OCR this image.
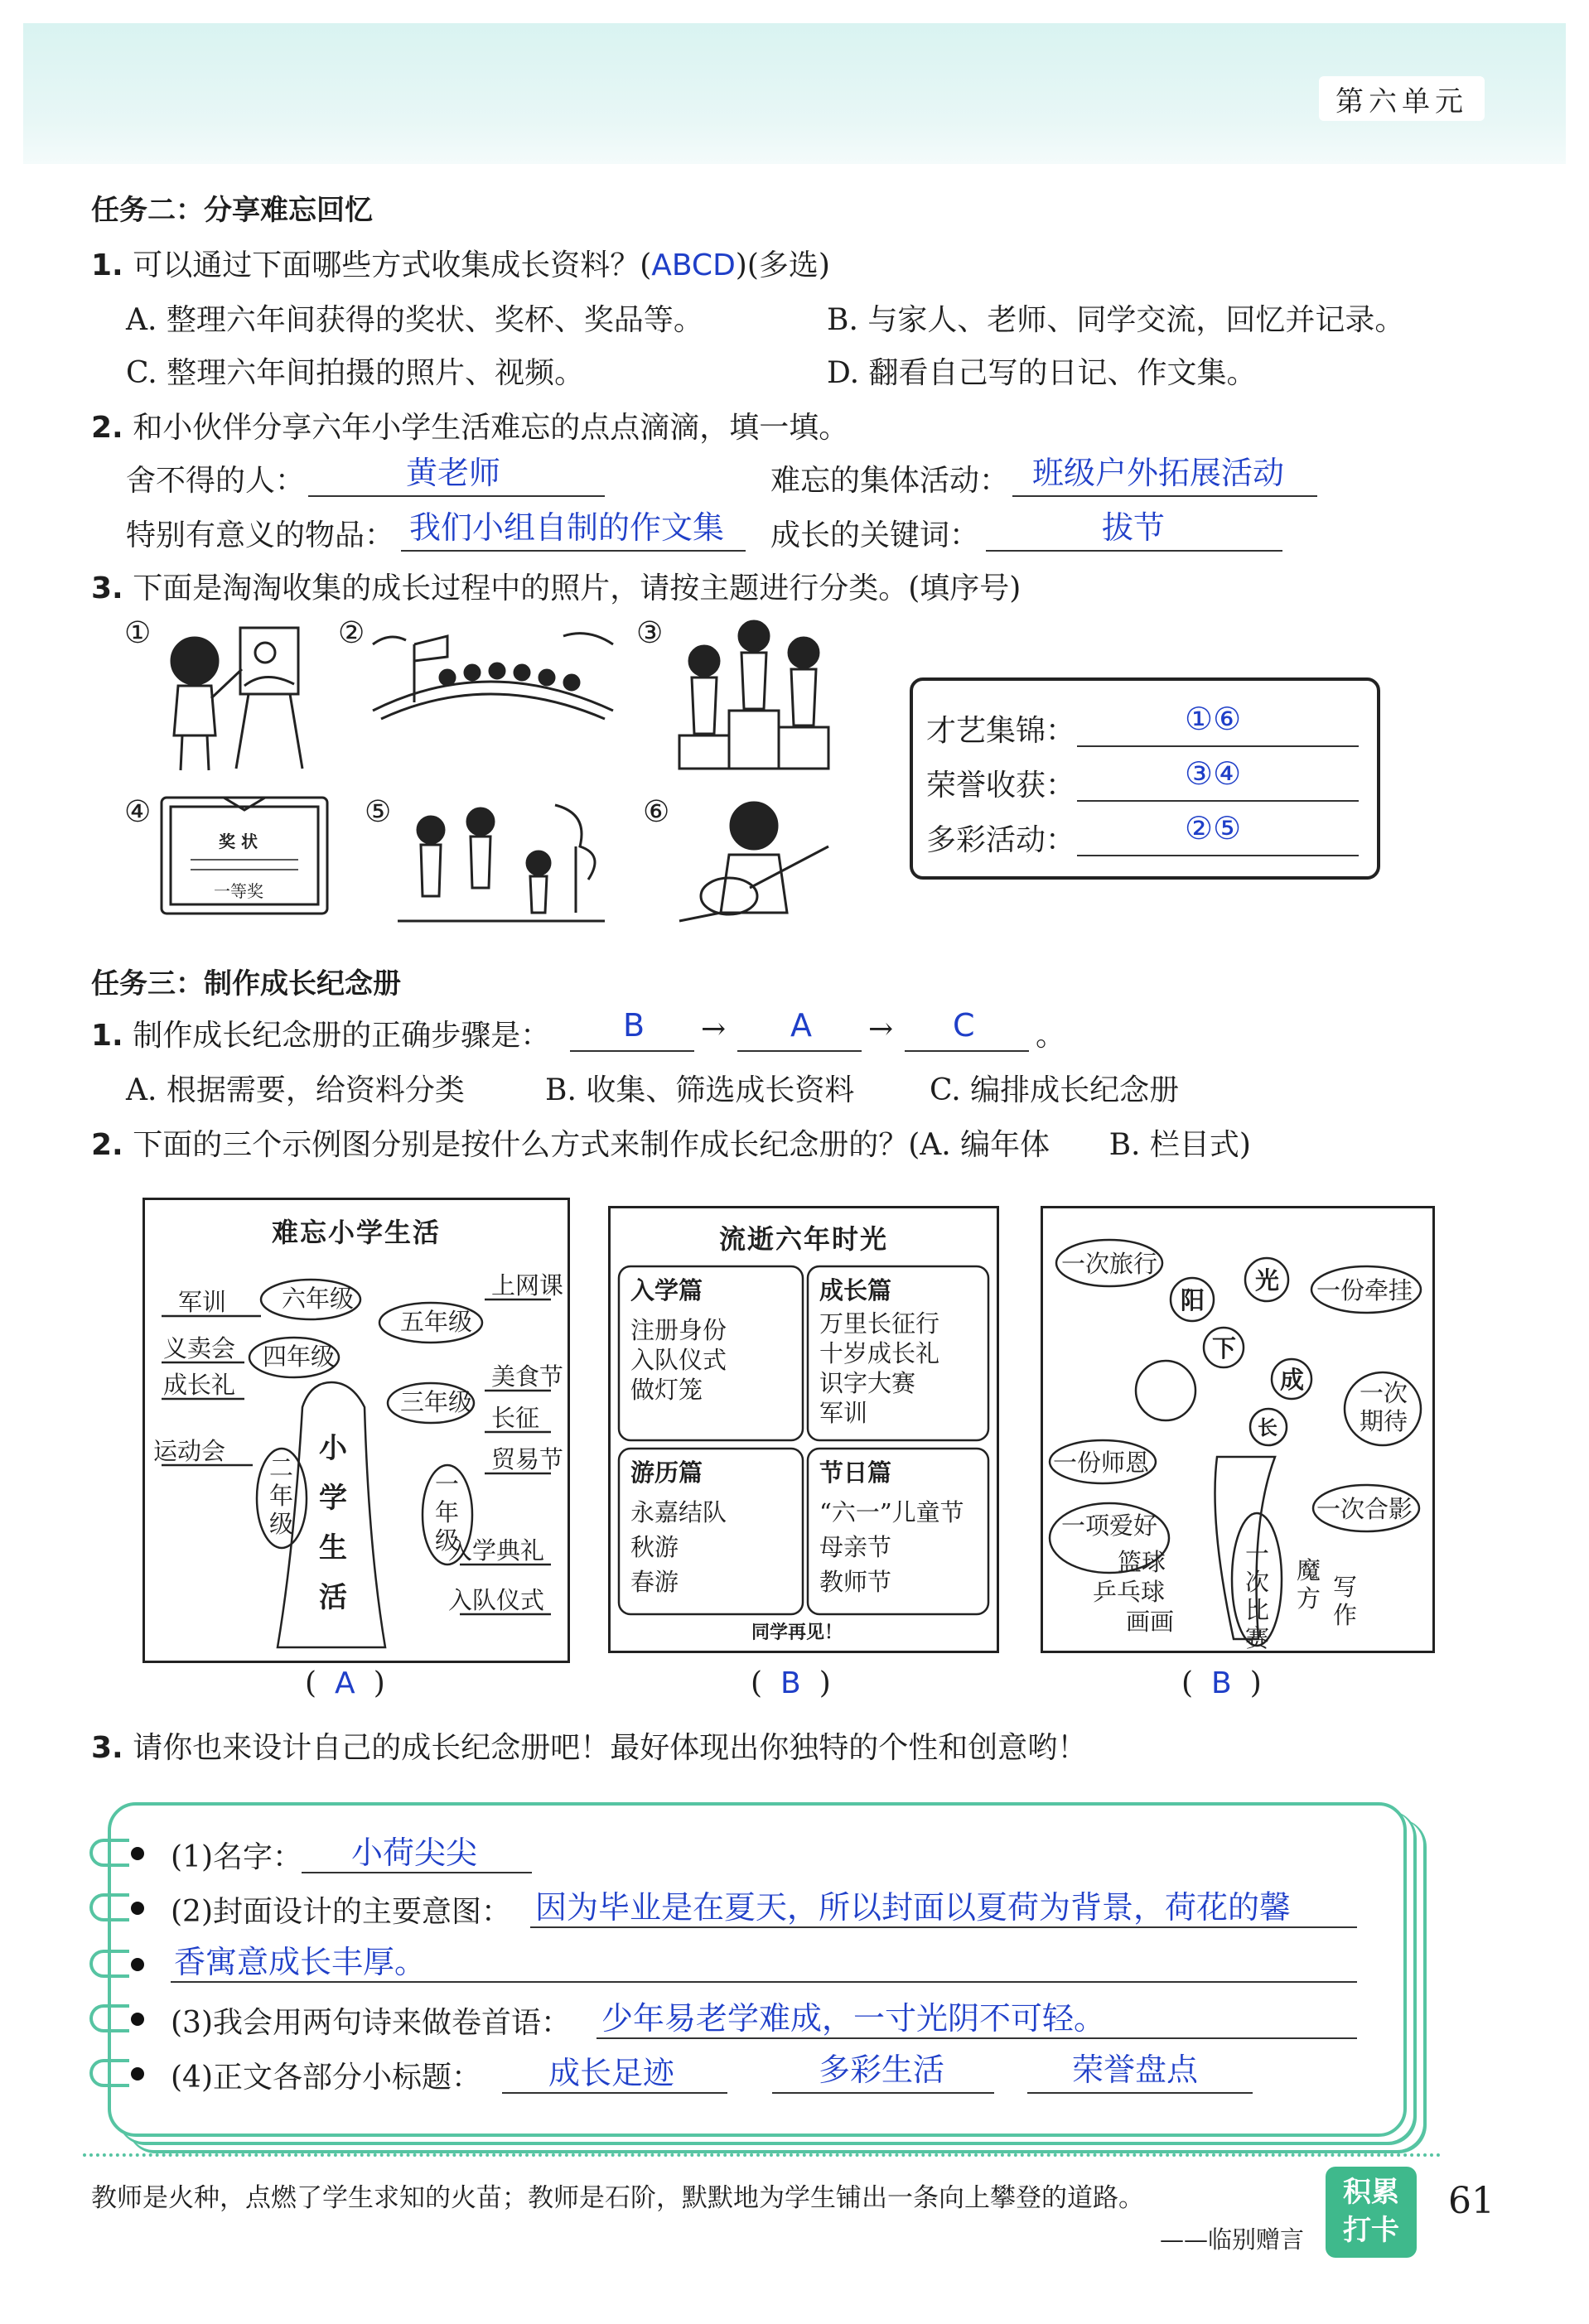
第六单元
任务二：分享难忘回忆
1. 可以通过下面哪些方式收集成长资料？(ABCD)(多选)
A. 整理六年间获得的奖状、奖杯、奖品等。	B. 与家人、老师、同学交流，回忆并记录。
C. 整理六年间拍摄的照片、视频。	D. 翻看自己写的日记、作文集。
2. 和小伙伴分享六年小学生活难忘的点点滴滴，填一填。
舍不得的人：	黄老师	难忘的集体活动： 班级户外拓展活动
特别有意义的物品： 我们小组自制的作文集 成长的关键词：	拔节
3. 下面是淘淘收集的成长过程中的照片，请按主题进行分类。(填序号)
①	②	③
④	⑤	⑥
奖 状
一等奖
才艺集锦：	①⑥
荣誉收获：	③④
多彩活动：	②⑤
任务三：制作成长纪念册
1. 制作成长纪念册的正确步骤是： B → A → C 。
A. 根据需要，给资料分类	B. 收集、筛选成长资料	C. 编排成长纪念册
2. 下面的三个示例图分别是按什么方式来制作成长纪念册的？(A. 编年体 B. 栏目式)
难忘小学生活
六年级
五年级
四年级
三年级
二年级
一年级
小学生活
军训
义卖会
成长礼
运动会
上网课
美食节
长征
贸易节
入学典礼
入队仪式
流逝六年时光
入学篇
注册身份
入队仪式
做灯笼
成长篇
万里长征行
十岁成长礼
识字大赛
军训
游历篇
永嘉结队
秋游
春游
节日篇
“六一”儿童节
母亲节
教师节
同学再见！
阳
光
下
成
长
一次旅行
一份牵挂
一次期待
一份师恩
一项爱好
一次合影
篮球
乒乓球
画画
一次比赛
魔方 写作
( A )	( B )	( B )
3. 请你也来设计自己的成长纪念册吧！最好体现出你独特的个性和创意哟！
(1)名字： 小荷尖尖
(2)封面设计的主要意图： 因为毕业是在夏天，所以封面以夏荷为背景，荷花的馨
香寓意成长丰厚。
(3)我会用两句诗来做卷首语： 少年易老学难成，一寸光阴不可轻。
(4)正文各部分小标题： 成长足迹	多彩生活	荣誉盘点
教师是火种，点燃了学生求知的火苗；教师是石阶，默默地为学生铺出一条向上攀登的道路。
——临别赠言
积累
打卡
61
